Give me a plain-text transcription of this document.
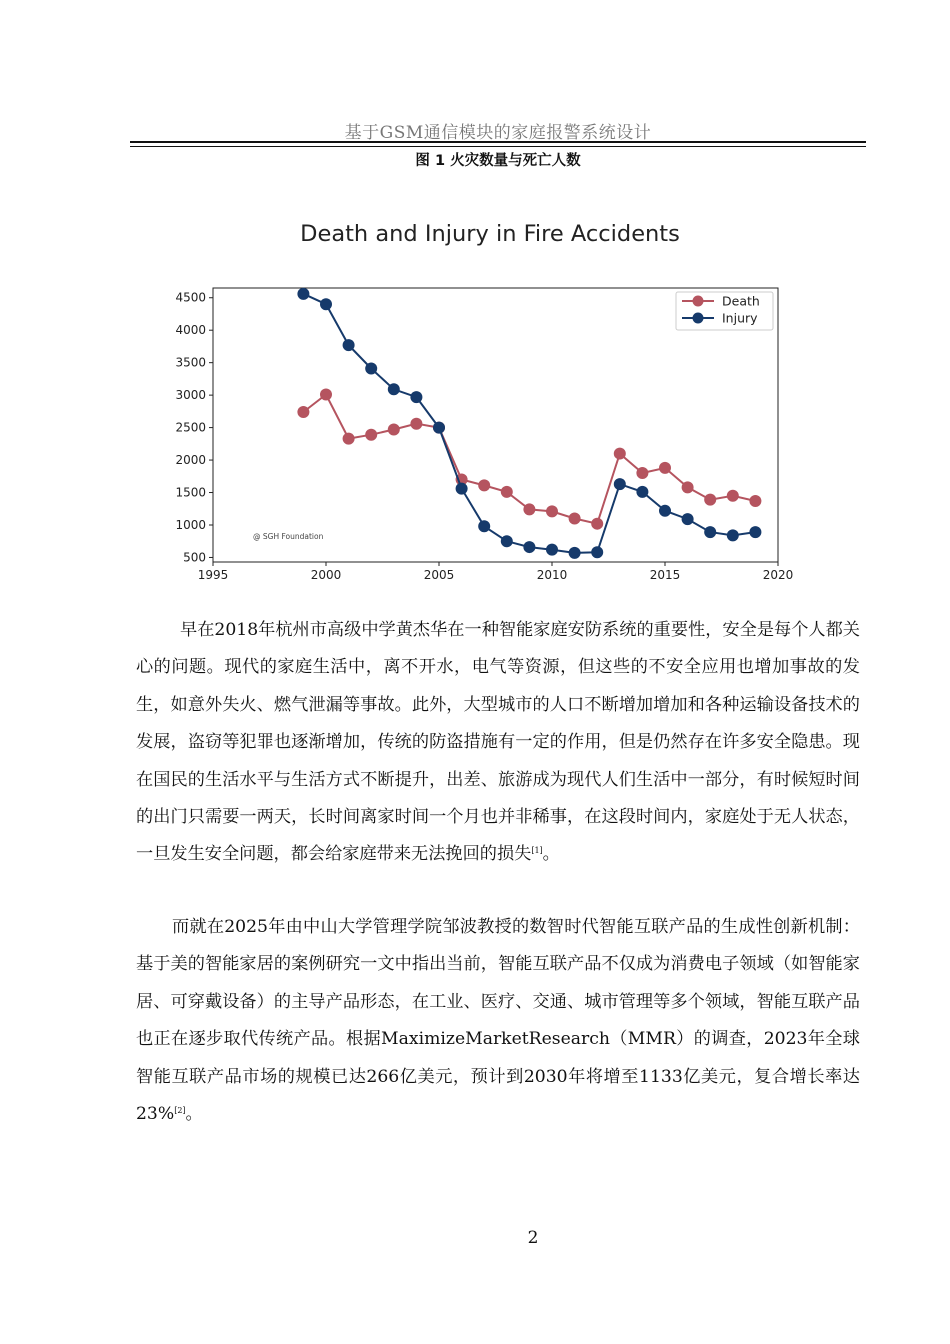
基于GSM通信模块的家庭报警系统设计
图 1 火灾数量与死亡人数
Death and Injury in Fire Accidents
1995	2000	2005	2010	2015	2020
500
1000
1500
2000
2500
3000
3500
4000
4500	Death
Injury
@ SGH Foundation

早在2018年杭州市高级中学黄杰华在一种智能家庭安防系统的重要性，安全是每个人都关心的问题。现代的家庭生活中，离不开水，电气等资源，但这些的不安全应用也增加事故的发生，如意外失火、燃气泄漏等事故。此外，大型城市的人口不断增加增加和各种运输设备技术的发展，盗窃等犯罪也逐渐增加，传统的防盗措施有一定的作用，但是仍然存在许多安全隐患。现在国民的生活水平与生活方式不断提升，出差、旅游成为现代人们生活中一部分，有时候短时间的出门只需要一两天，长时间离家时间一个月也并非稀事，在这段时间内，家庭处于无人状态，一旦发生安全问题，都会给家庭带来无法挽回的损失[1]。

而就在2025年由中山大学管理学院邹波教授的数智时代智能互联产品的生成性创新机制：基于美的智能家居的案例研究一文中指出当前，智能互联产品不仅成为消费电子领域（如智能家居、可穿戴设备）的主导产品形态，在工业、医疗、交通、城市管理等多个领域，智能互联产品也正在逐步取代传统产品。根据MaximizeMarketResearch（MMR）的调查，2023年全球智能互联产品市场的规模已达266亿美元，预计到2030年将增至1133亿美元，复合增长率达23%[2]。

2
